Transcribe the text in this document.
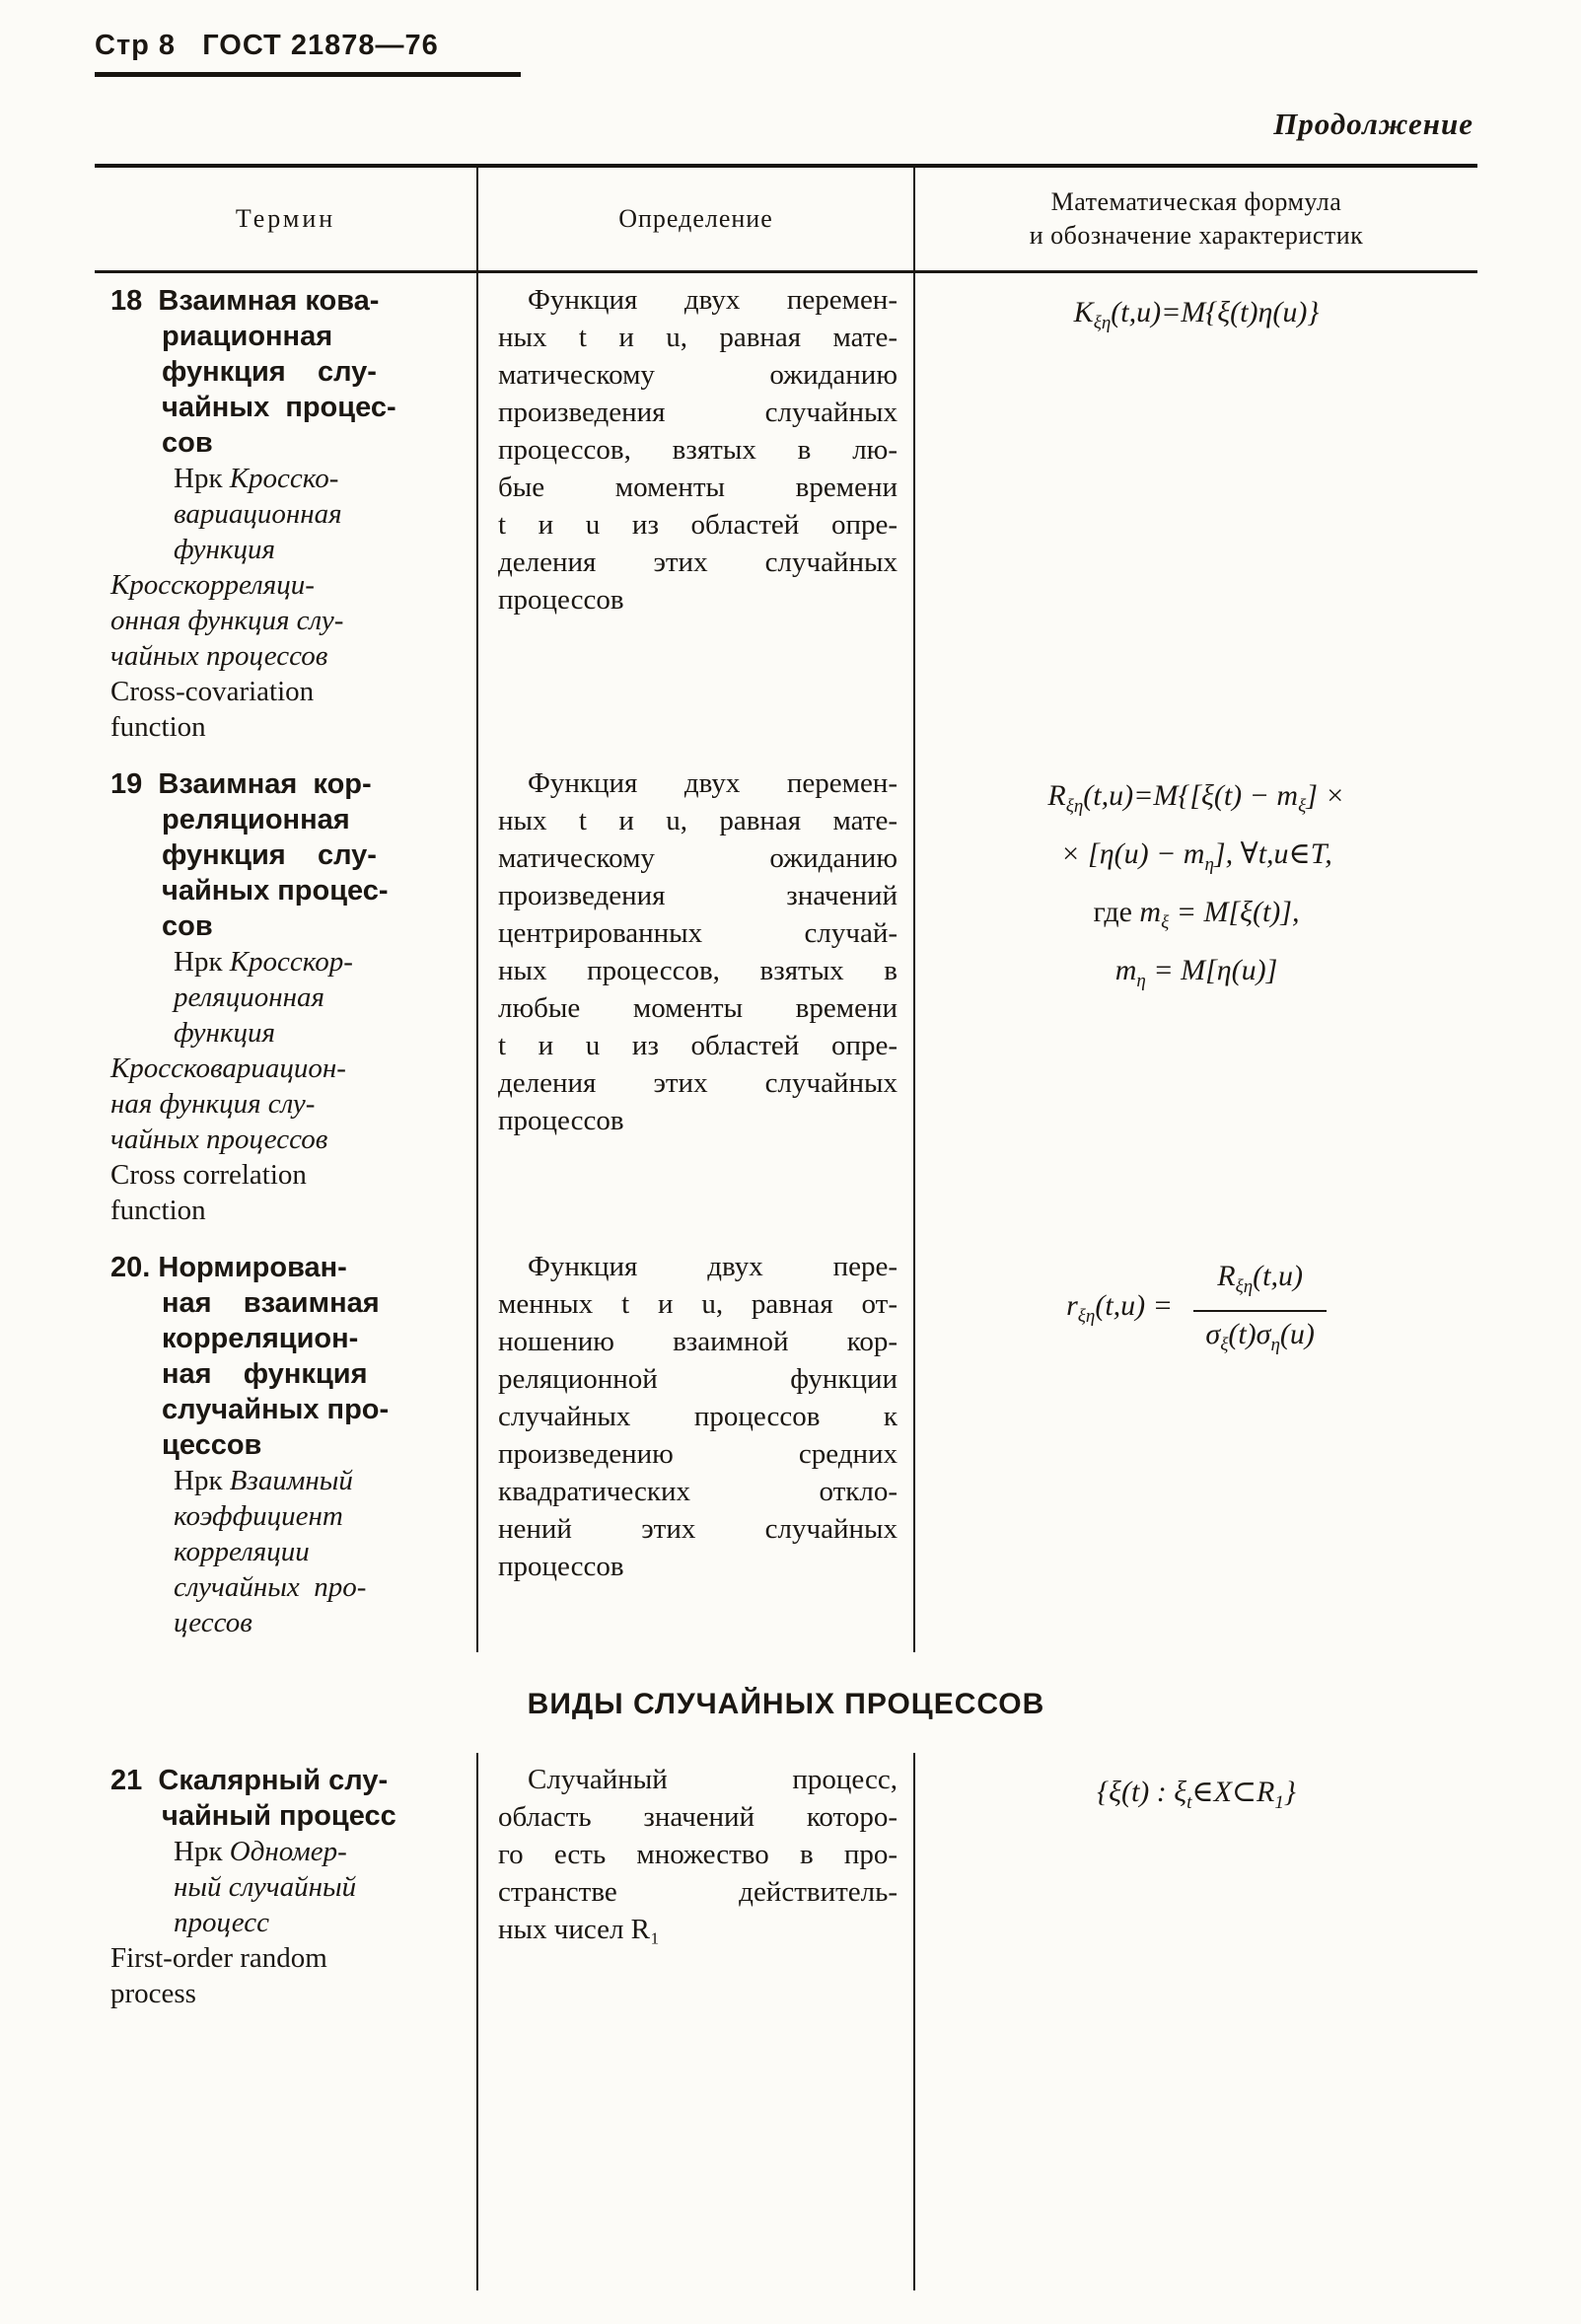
Стр 8   ГОСТ 21878—76
Продолжение
Термин	Определение
Математическая формула
и обозначение характеристик
18  Взаимная кова-
риационная
функция    слу-
чайных  процес-
сов
Нрк Кросско-
вариационная
функция
Кросскорреляци-
онная функция слу-
чайных процессов
Cross-covariation
function
Функция двух перемен-
ных t и u, равная мате-
матическому ожиданию
произведения случайных
процессов, взятых в лю-
бые моменты времени
t и u из областей опре-
деления этих случайных
процессов
$K_{\xi\eta}(t,u)=M\{\xi(t)\eta(u)\}$
19  Взаимная  кор-
реляционная
функция    слу-
чайных процес-
сов
Нрк Кросскор-
реляционная
функция
Кроссковариацион-
ная функция слу-
чайных процессов
Cross correlation
function
Функция двух перемен-
ных t и u, равная мате-
матическому ожиданию
произведения значений
центрированных случай-
ных процессов, взятых в
любые моменты времени
t и u из областей опре-
деления этих случайных
процессов
$R_{\xi\eta}(t,u)=M\{[\xi(t) - m_\xi]$ ×
× $[\eta(u) - m_\eta]$, ∀t,u∈T,
где $m_\xi = M[\xi(t)]$,
$m_\eta = M[\eta(u)]$
20. Нормирован-
ная    взаимная
корреляцион-
ная    функция
случайных про-
цессов
Нрк Взаимный
коэффициент
корреляции
случайных  про-
цессов
Функция двух пере-
менных t и u, равная от-
ношению взаимной кор-
реляционной функции
случайных процессов к
произведению средних
квадратических откло-
нений этих случайных
процессов
$r_{\xi\eta}(t,u) = \frac{R_{\xi\eta}(t,u)}{\sigma_\xi(t)\sigma_\eta(u)}$
ВИДЫ СЛУЧАЙНЫХ ПРОЦЕССОВ
21  Скалярный слу-
чайный процесс
Нрк Одномер-
ный случайный
процесс
First-order random
process
Случайный процесс,
область значений которо-
го есть множество в про-
странстве действитель-
ных чисел R₁
{ξ(t) : $\xi_t\in X\subset R_1$}
